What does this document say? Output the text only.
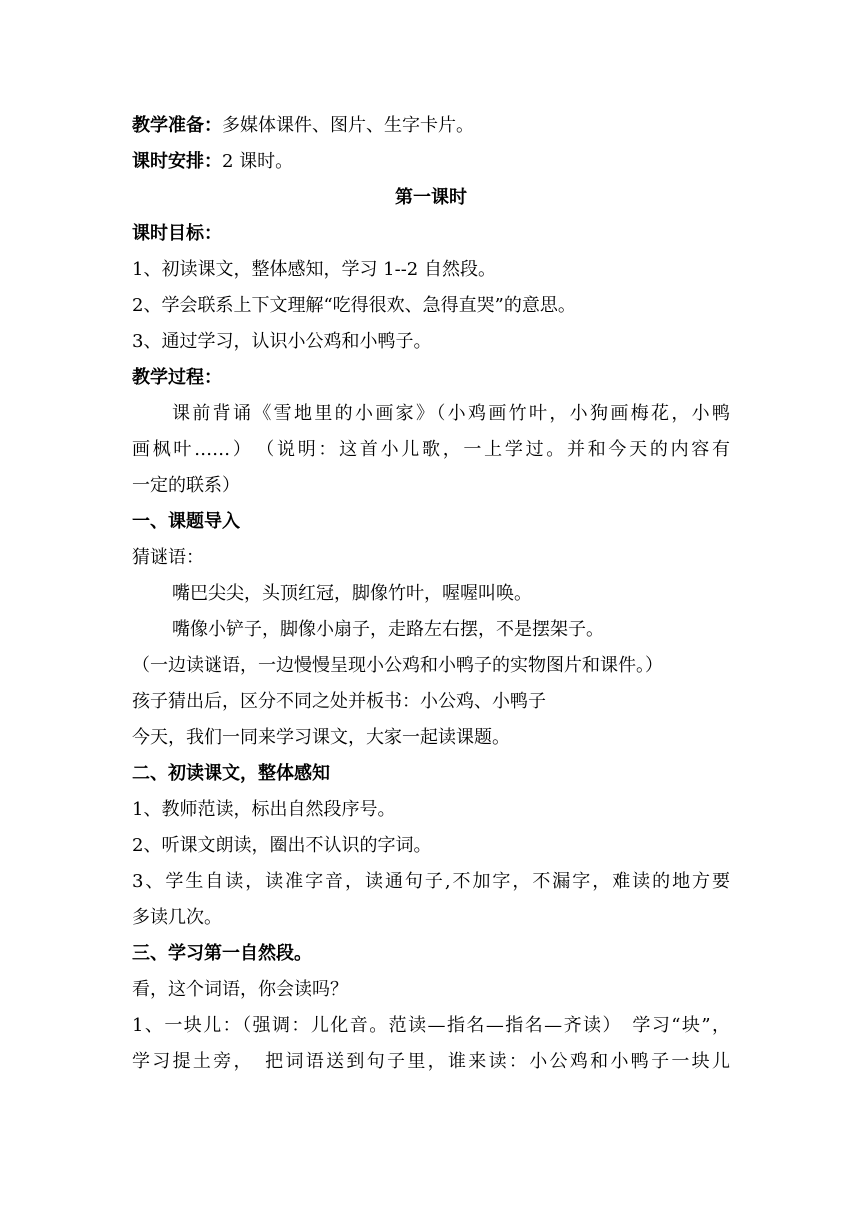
教学准备：多媒体课件、图片、生字卡片。
课时安排：2 课时。
第一课时
课时目标：
1、初读课文，整体感知，学习 1--2 自然段。
2、学会联系上下文理解“吃得很欢、急得直哭”的意思。
3、通过学习，认识小公鸡和小鸭子。
教学过程：
课前背诵《雪地里的小画家》（小鸡画竹叶，小狗画梅花，小鸭
画枫叶……）　（说明：这首小儿歌，一上学过。并和今天的内容有
一定的联系）
一、课题导入
猜谜语：
嘴巴尖尖，头顶红冠，脚像竹叶，喔喔叫唤。
嘴像小铲子，脚像小扇子，走路左右摆，不是摆架子。
（一边读谜语，一边慢慢呈现小公鸡和小鸭子的实物图片和课件。）
孩子猜出后，区分不同之处并板书：小公鸡、小鸭子
今天，我们一同来学习课文，大家一起读课题。
二、初读课文，整体感知
1、教师范读，标出自然段序号。
2、听课文朗读，圈出不认识的字词。
3、学生自读，读准字音，读通句子,不加字，不漏字，难读的地方要
多读几次。
三、学习第一自然段。
看，这个词语，你会读吗？
1、一块儿：（强调：儿化音。范读—指名—指名—齐读）　学习“块”，
学习提土旁，　把词语送到句子里，谁来读：小公鸡和小鸭子一块儿
